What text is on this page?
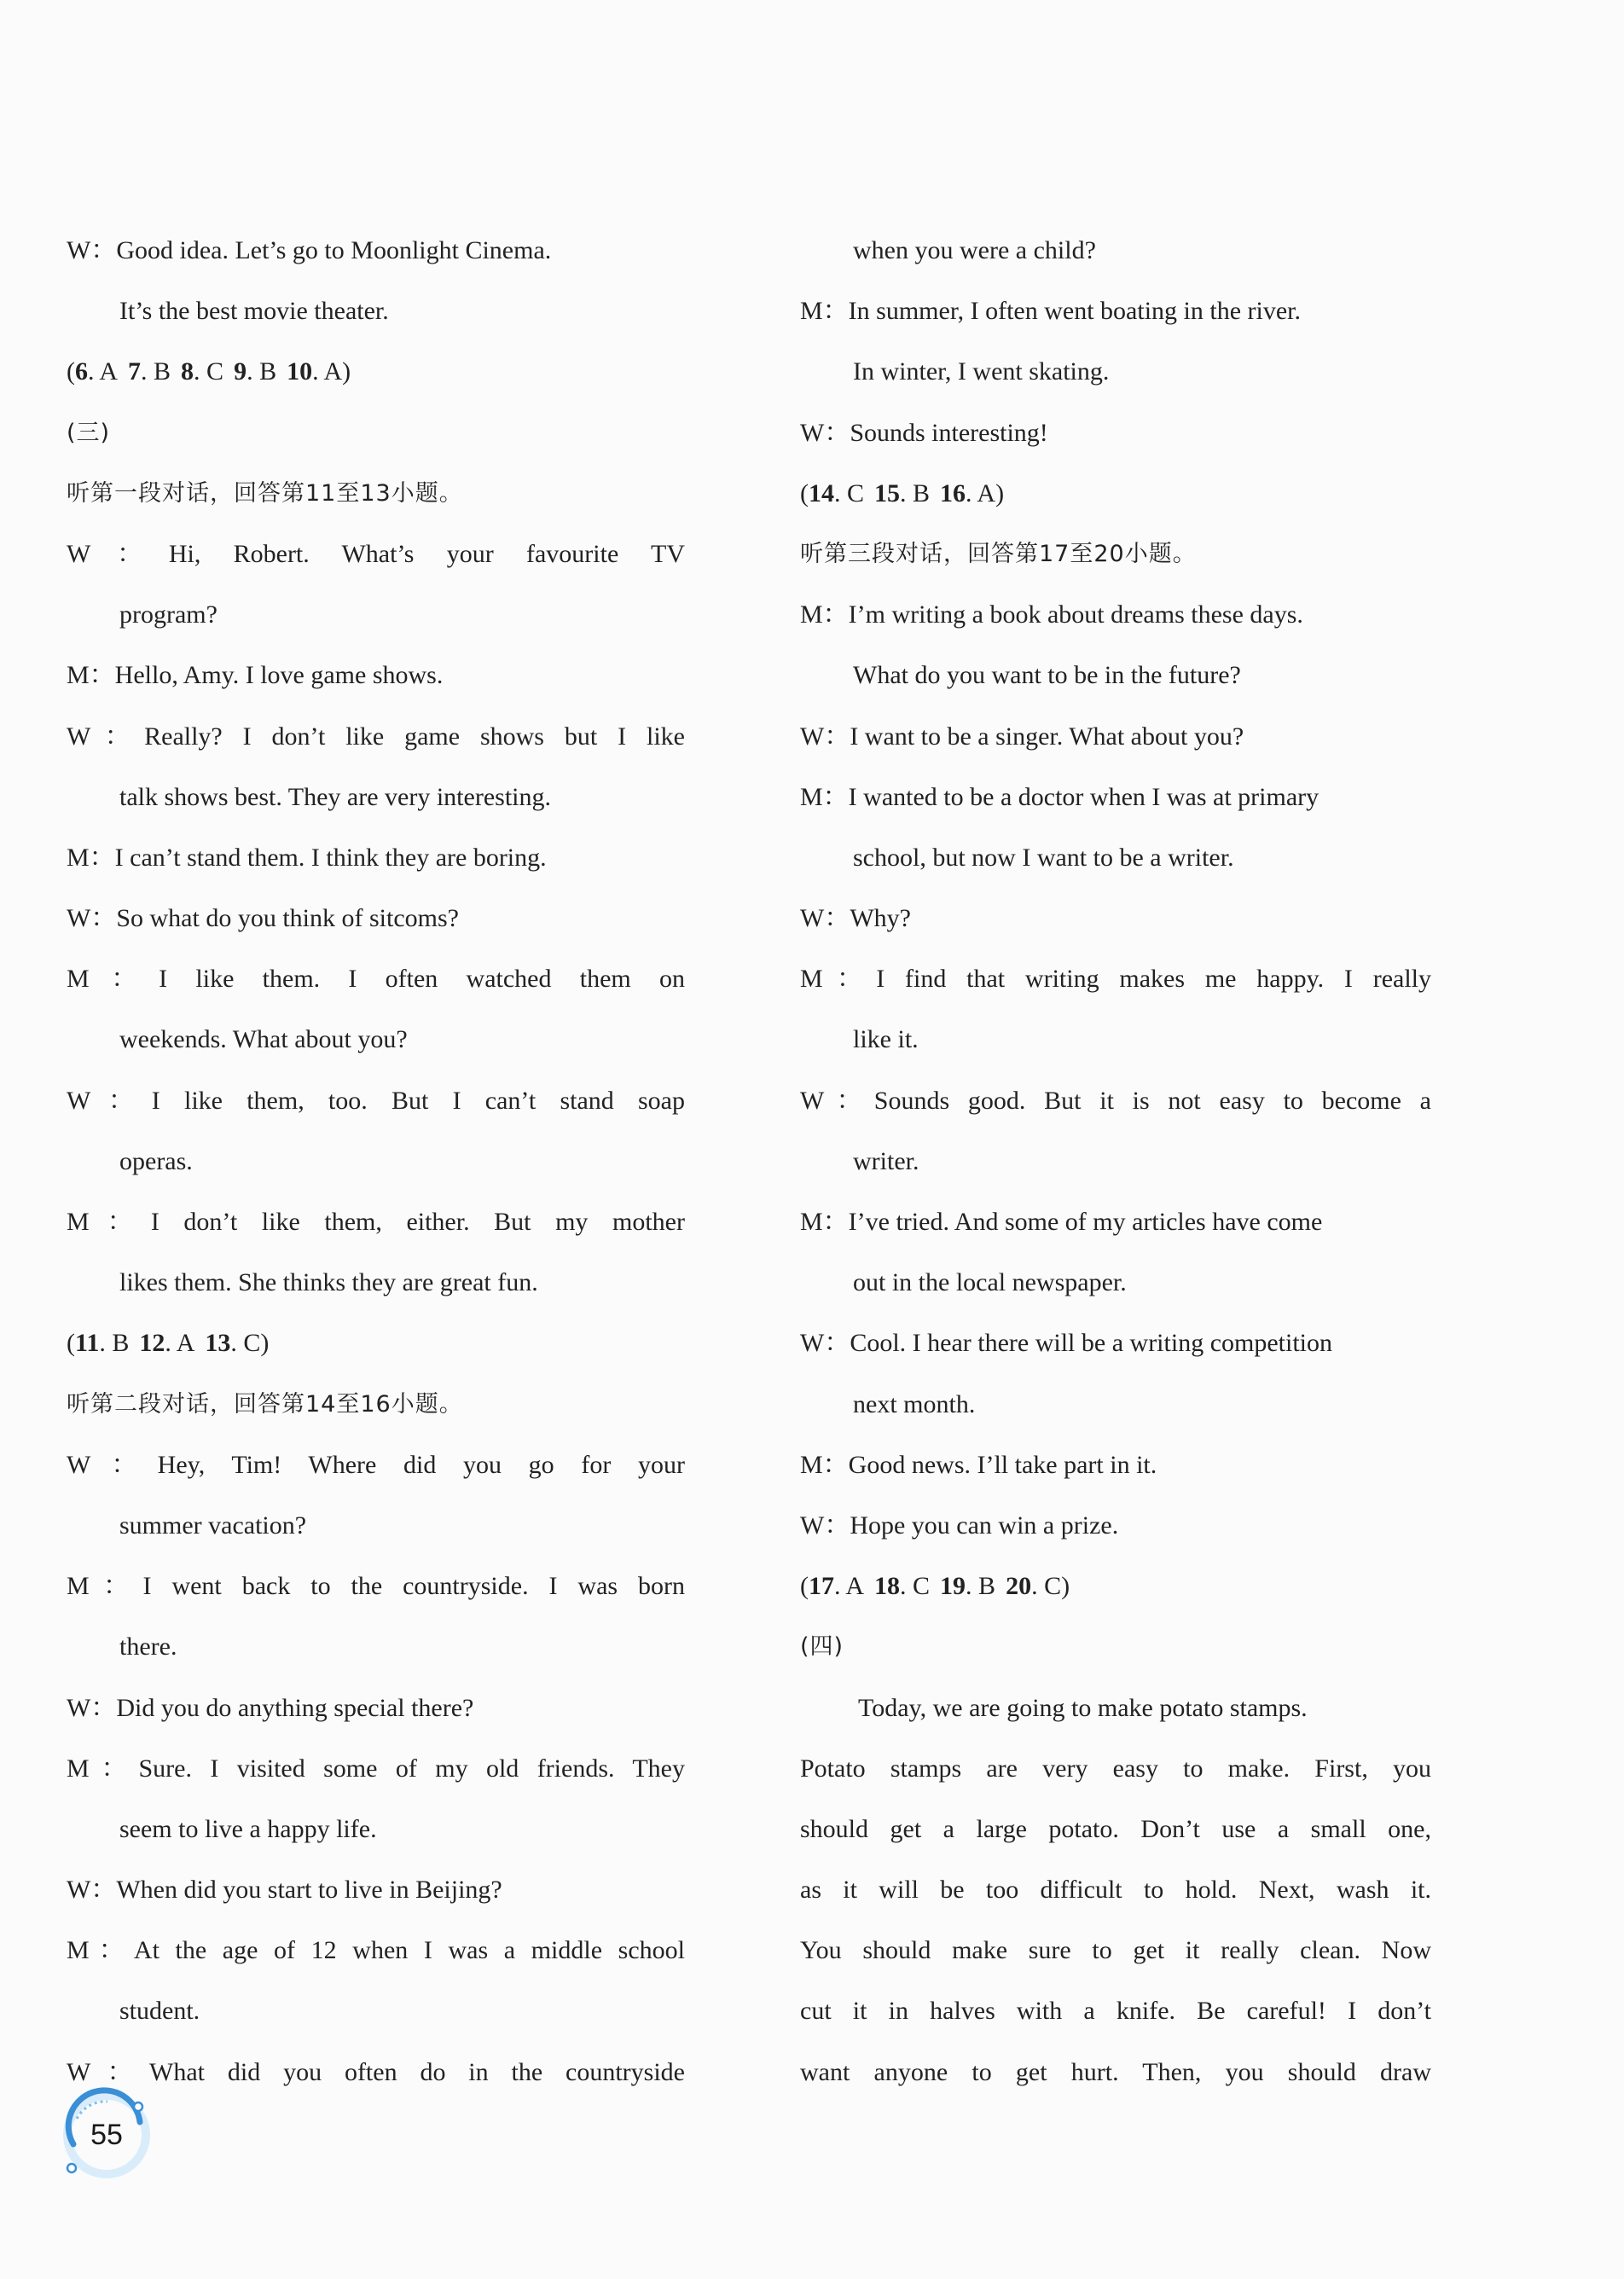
W：Good idea. Let’s go to Moonlight Cinema.
It’s the best movie theater.
(6. A 7. B 8. C 9. B 10. A)
(三)
听第一段对话，回答第11至13小题。
W：Hi, Robert. What’s your favourite TV
program?
M：Hello, Amy. I love game shows.
W：Really? I don’t like game shows but I like
talk shows best. They are very interesting.
M：I can’t stand them. I think they are boring.
W：So what do you think of sitcoms?
M：I like them. I often watched them on
weekends. What about you?
W：I like them, too. But I can’t stand soap
operas.
M：I don’t like them, either. But my mother
likes them. She thinks they are great fun.
(11. B 12. A 13. C)
听第二段对话，回答第14至16小题。
W：Hey, Tim! Where did you go for your
summer vacation?
M：I went back to the countryside. I was born
there.
W：Did you do anything special there?
M：Sure. I visited some of my old friends. They
seem to live a happy life.
W：When did you start to live in Beijing?
M：At the age of 12 when I was a middle school
student.
W：What did you often do in the countryside
when you were a child?
M：In summer, I often went boating in the river.
In winter, I went skating.
W：Sounds interesting!
(14. C 15. B 16. A)
听第三段对话，回答第17至20小题。
M：I’m writing a book about dreams these days.
What do you want to be in the future?
W：I want to be a singer. What about you?
M：I wanted to be a doctor when I was at primary
school, but now I want to be a writer.
W：Why?
M：I find that writing makes me happy. I really
like it.
W：Sounds good. But it is not easy to become a
writer.
M：I’ve tried. And some of my articles have come
out in the local newspaper.
W：Cool. I hear there will be a writing competition
next month.
M：Good news. I’ll take part in it.
W：Hope you can win a prize.
(17. A 18. C 19. B 20. C)
(四)
Today, we are going to make potato stamps.
Potato stamps are very easy to make. First, you
should get a large potato. Don’t use a small one,
as it will be too difficult to hold. Next, wash it.
You should make sure to get it really clean. Now
cut it in halves with a knife. Be careful! I don’t
want anyone to get hurt. Then, you should draw
55
